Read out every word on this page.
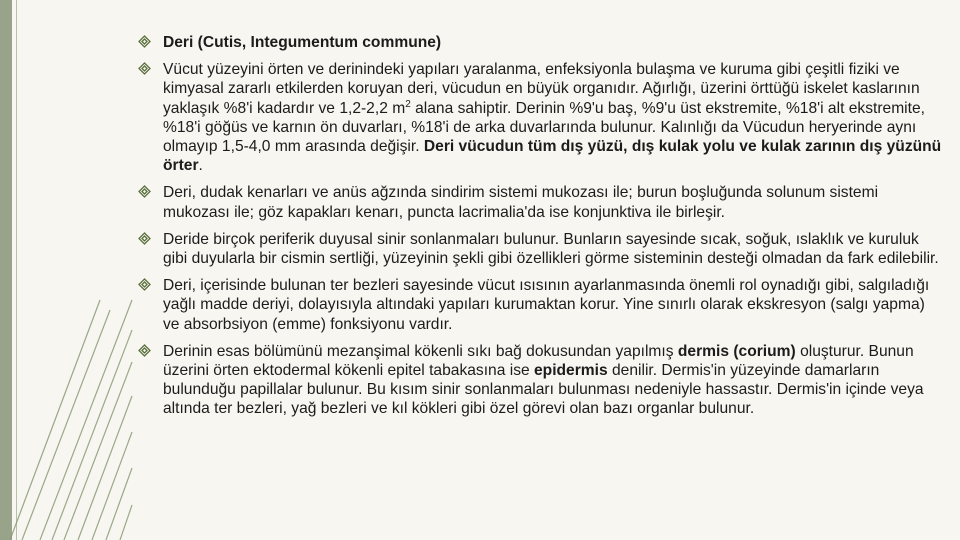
Deri (Cutis, Integumentum commune)
Vücut yüzeyini örten ve derinindeki yapıları yaralanma, enfeksiyonla bulaşma ve kuruma gibi çeşitli fiziki ve kimyasal zararlı etkilerden koruyan deri, vücudun en büyük organıdır. Ağırlığı, üzerini örttüğü iskelet kaslarının yaklaşık %8'i kadardır ve 1,2-2,2 $m^2$ alana sahiptir. Derinin %9'u baş, %9'u üst ekstremite, %18'i alt ekstremite, %18'i göğüs ve karnın ön duvarları, %18'i de arka duvarlarında bulunur. Kalınlığı da Vücudun heryerinde aynı olmayıp 1,5-4,0 mm arasında değişir. Deri vücudun tüm dış yüzü, dış kulak yolu ve kulak zarının dış yüzünü örter.
Deri, dudak kenarları ve anüs ağzında sindirim sistemi mukozası ile; burun boşluğunda solunum sistemi mukozası ile; göz kapakları kenarı, puncta lacrimalia'da ise konjunktiva ile birleşir.
Deride birçok periferik duyusal sinir sonlanmaları bulunur. Bunların sayesinde sıcak, soğuk, ıslaklık ve kuruluk gibi duyularla bir cismin sertliği, yüzeyinin şekli gibi özellikleri görme sisteminin desteği olmadan da fark edilebilir.
Deri, içerisinde bulunan ter bezleri sayesinde vücut ısısının ayarlanmasında önemli rol oynadığı gibi, salgıladığı yağlı madde deriyi, dolayısıyla altındaki yapıları kurumaktan korur. Yine sınırlı olarak ekskresyon (salgı yapma) ve absorbsiyon (emme) fonksiyonu vardır.
Derinin esas bölümünü mezanşimal kökenli sıkı bağ dokusundan yapılmış dermis (corium) oluşturur. Bunun üzerini örten ektodermal kökenli epitel tabakasına ise epidermis denilir. Dermis'in yüzeyinde damarların bulunduğu papillalar bulunur. Bu kısım sinir sonlanmaları bulunması nedeniyle hassastır. Dermis'in içinde veya altında ter bezleri, yağ bezleri ve kıl kökleri gibi özel görevi olan bazı organlar bulunur.
